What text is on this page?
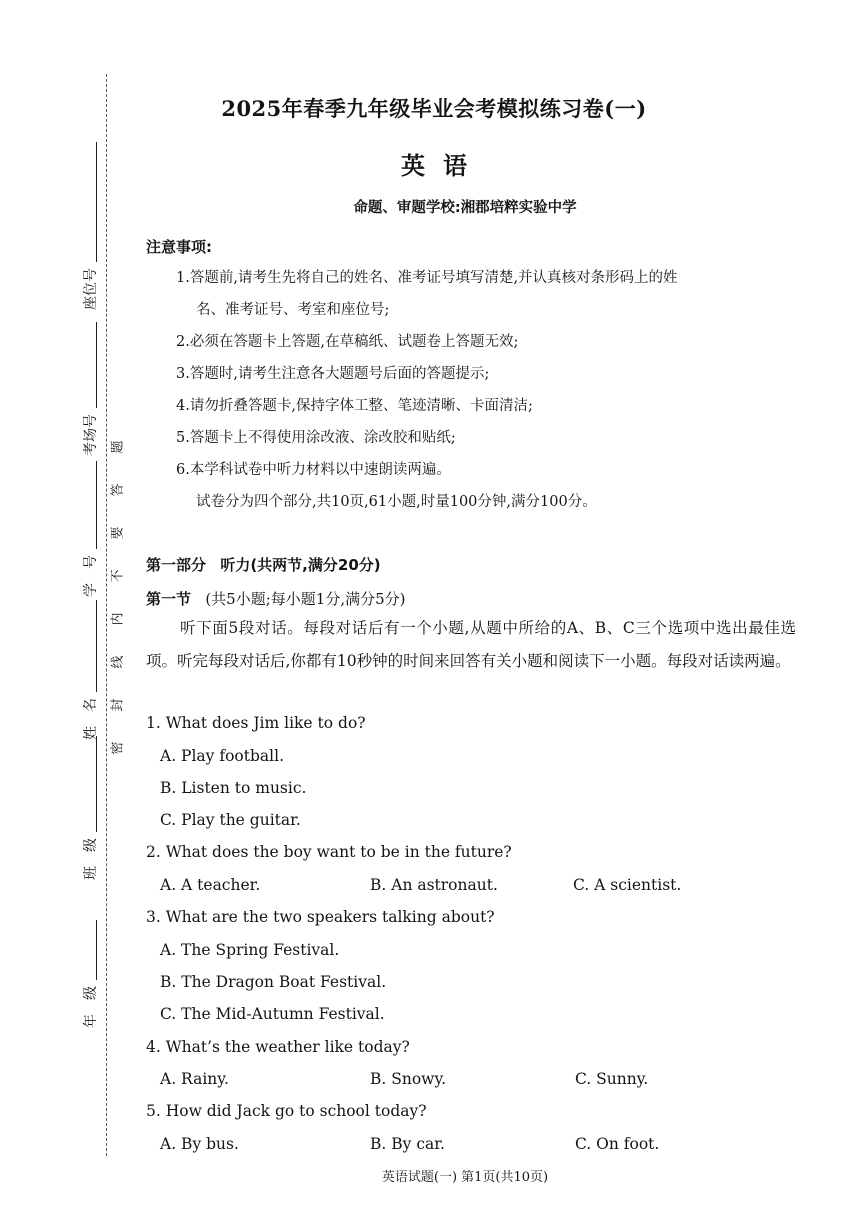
题
答
要
不
内
线
封
密
座位号
考场号
学　号
姓　名
班　级
年　级
2025年春季九年级毕业会考模拟练习卷(一)
英语
命题、审题学校:湘郡培粹实验中学
注意事项:
1.答题前,请考生先将自己的姓名、准考证号填写清楚,并认真核对条形码上的姓
名、准考证号、考室和座位号;
2.必须在答题卡上答题,在草稿纸、试题卷上答题无效;
3.答题时,请考生注意各大题题号后面的答题提示;
4.请勿折叠答题卡,保持字体工整、笔迹清晰、卡面清洁;
5.答题卡上不得使用涂改液、涂改胶和贴纸;
6.本学科试卷中听力材料以中速朗读两遍。
试卷分为四个部分,共10页,61小题,时量100分钟,满分100分。
第一部分 听力(共两节,满分20分)
第一节 (共5小题;每小题1分,满分5分)
听下面5段对话。每段对话后有一个小题,从题中所给的A、B、C三个选项中选出最佳选项。听完每段对话后,你都有10秒钟的时间来回答有关小题和阅读下一小题。每段对话读两遍。
1. What does Jim like to do?
A. Play football.
B. Listen to music.
C. Play the guitar.
2. What does the boy want to be in the future?
A. A teacher.	B. An astronaut.	C. A scientist.
3. What are the two speakers talking about?
A. The Spring Festival.
B. The Dragon Boat Festival.
C. The Mid-Autumn Festival.
4. What’s the weather like today?
A. Rainy.	B. Snowy.	C. Sunny.
5. How did Jack go to school today?
A. By bus.	B. By car.	C. On foot.
英语试题(一) 第1页(共10页)
